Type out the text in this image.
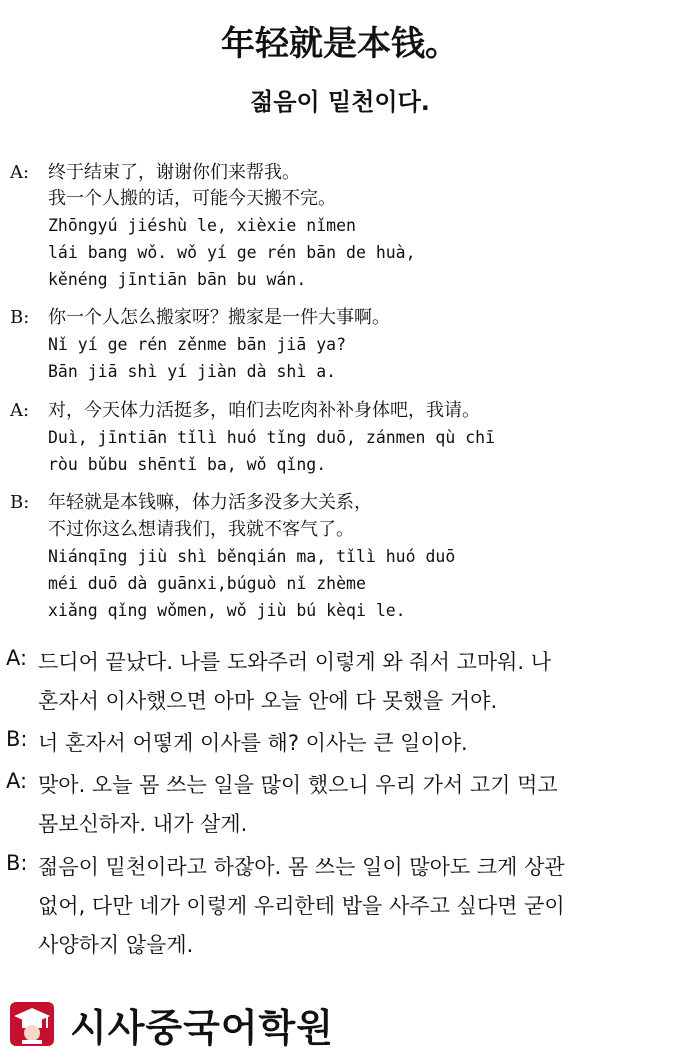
年轻就是本钱。
젊음이 밑천이다.
A: 终于结束了，谢谢你们来帮我。
我一个人搬的话，可能今天搬不完。
Zhōngyú jiéshù le, xièxie nǐmen
lái bang wǒ. wǒ yí ge rén bān de huà,
kěnéng jīntiān bān bu wán.
B: 你一个人怎么搬家呀？搬家是一件大事啊。
Nǐ yí ge rén zěnme bān jiā ya?
Bān jiā shì yí jiàn dà shì a.
A: 对，今天体力活挺多，咱们去吃肉补补身体吧，我请。
Duì, jīntiān tǐlì huó tǐng duō, zánmen qù chī
ròu bǔbu shēntǐ ba, wǒ qǐng.
B: 年轻就是本钱嘛，体力活多没多大关系，
不过你这么想请我们，我就不客气了。
Niánqīng jiù shì běnqián ma, tǐlì huó duō
méi duō dà guānxi,búguò nǐ zhème
xiǎng qǐng wǒmen, wǒ jiù bú kèqi le.
A: 드디어 끝났다. 나를 도와주러 이렇게 와 줘서 고마워. 나
혼자서 이사했으면 아마 오늘 안에 다 못했을 거야.
B: 너 혼자서 어떻게 이사를 해? 이사는 큰 일이야.
A: 맞아. 오늘 몸 쓰는 일을 많이 했으니 우리 가서 고기 먹고
몸보신하자. 내가 살게.
B: 젊음이 밑천이라고 하잖아. 몸 쓰는 일이 많아도 크게 상관
없어, 다만 네가 이렇게 우리한테 밥을 사주고 싶다면 굳이
사양하지 않을게.
시사중국어학원
